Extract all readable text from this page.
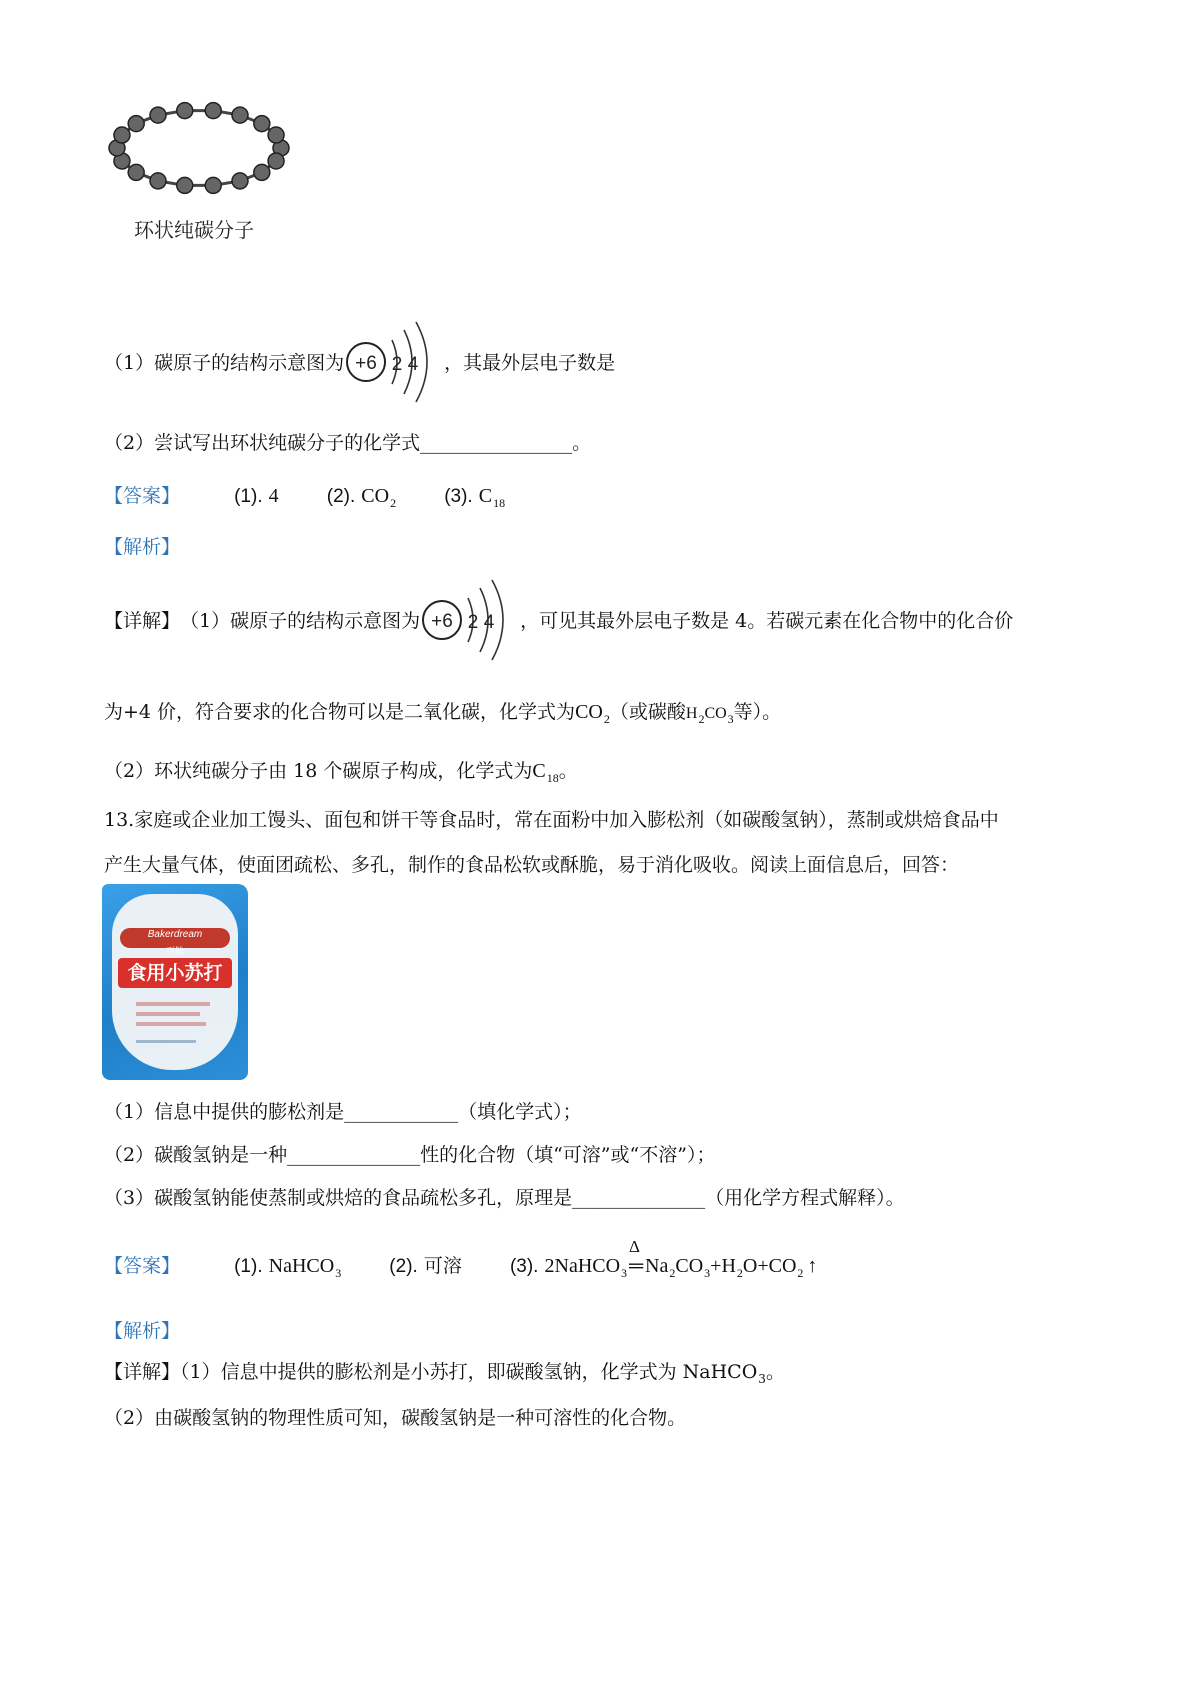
环状纯碳分子
（1）碳原子的结构示意图为 +6 2 4 ，其最外层电子数是
（2）尝试写出环状纯碳分子的化学式________________。
【答案】	(1). 4	(2). $CO_2$	(3). $C_{18}$
【解析】
【详解】 （1）碳原子的结构示意图为 +6 2 4 ，可见其最外层电子数是 4。若碳元素在化合物中的化合价
为+4 价，符合要求的化合物可以是二氧化碳，化学式为$CO_2$（或碳酸$H_2CO_3$等）。
（2）环状纯碳分子由 18 个碳原子构成，化学式为$C_{18}$。
13.家庭或企业加工馒头、面包和饼干等食品时，常在面粉中加入膨松剂（如碳酸氢钠），蒸制或烘焙食品中
产生大量气体，使面团疏松、多孔，制作的食品松软或酥脆，易于消化吸收。阅读上面信息后，回答：
Bakerdream
百钻
食用小苏打
（1）信息中提供的膨松剂是____________（填化学式）；
（2）碳酸氢钠是一种______________性的化合物（填“可溶”或“不溶”）；
（3）碳酸氢钠能使蒸制或烘焙的食品疏松多孔，原理是______________（用化学方程式解释）。
【答案】	(1). NaHCO$_3$	(2). 可溶	(3). 2NaHCO$_3$
Δ
$═Na_2CO_3+H_2O+CO_2$ ↑
【解析】
【详解】（1）信息中提供的膨松剂是小苏打，即碳酸氢钠，化学式为 NaHCO$_3$。
（2）由碳酸氢钠的物理性质可知，碳酸氢钠是一种可溶性的化合物。
